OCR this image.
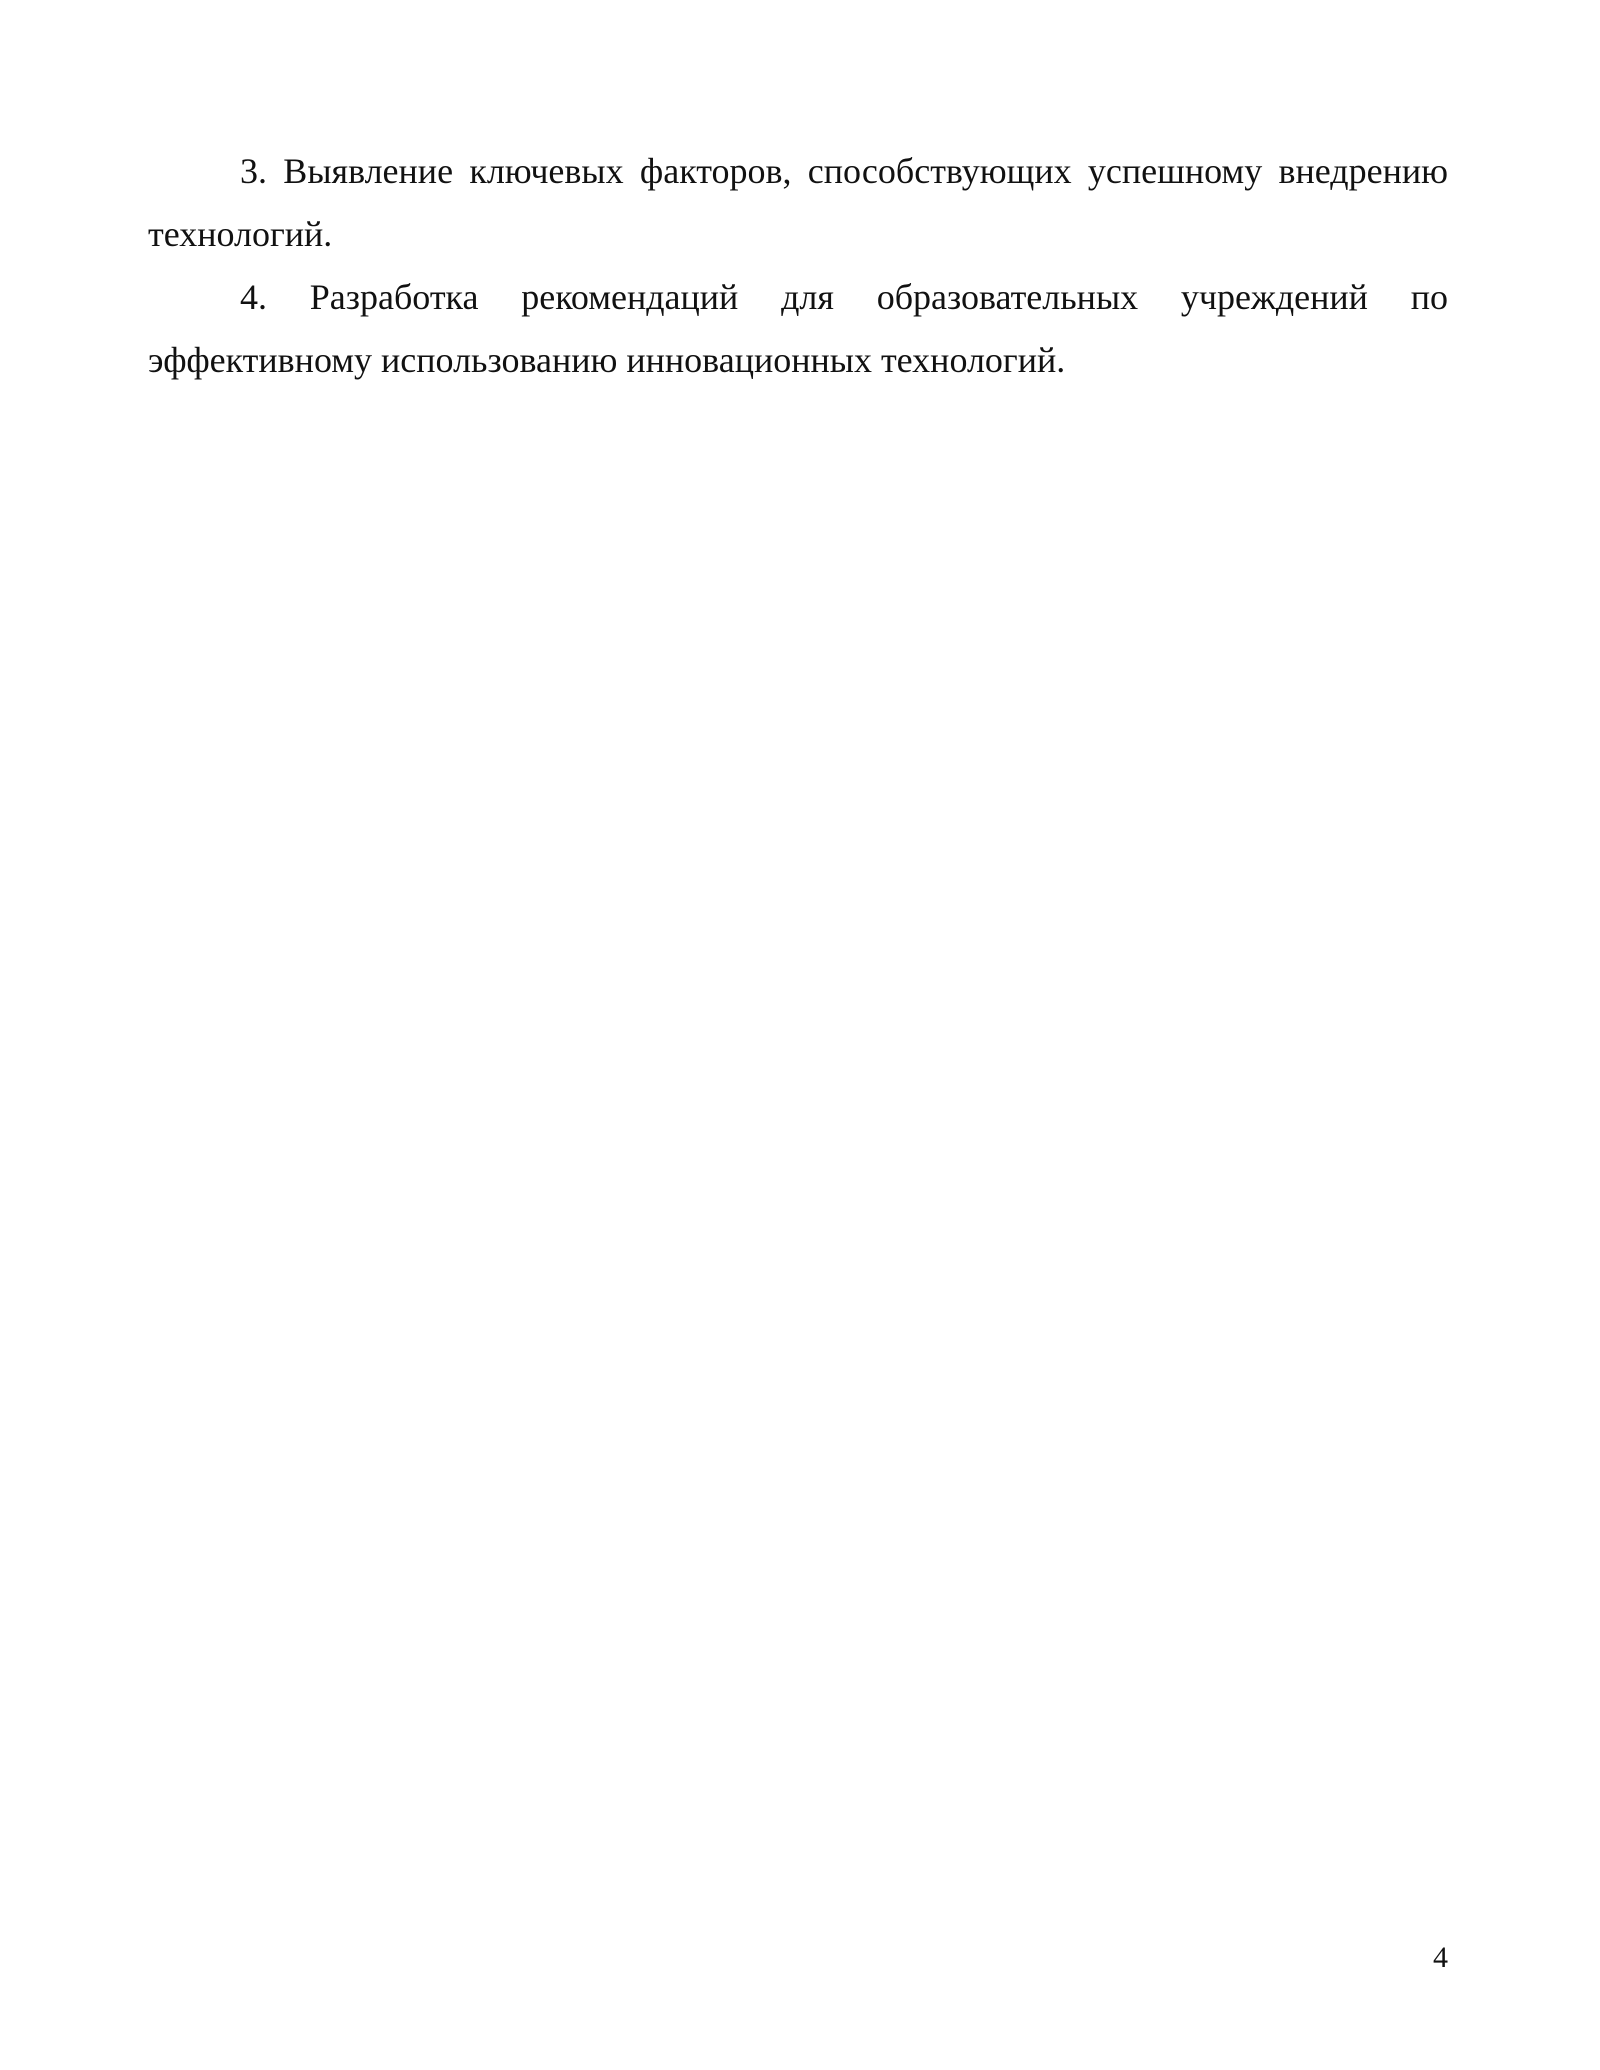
3. Выявление ключевых факторов, способствующих успешному внедрению технологий.

4. Разработка рекомендаций для образовательных учреждений по эффективному использованию инновационных технологий.

4
